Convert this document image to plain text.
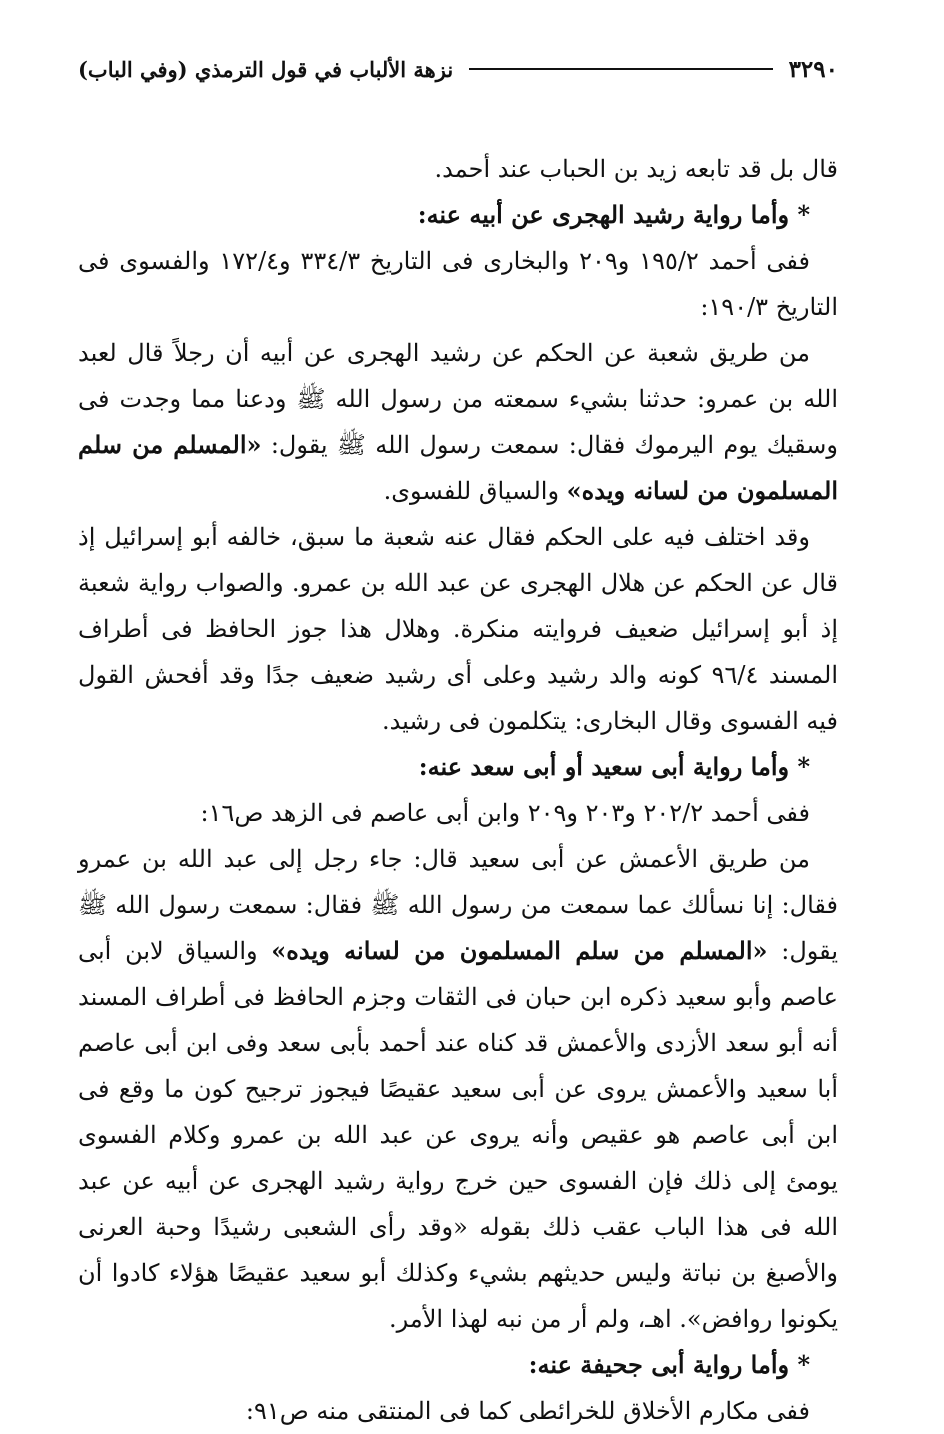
٣٢٩٠
نزهة الألباب في قول الترمذي (وفي الباب)

قال بل قد تابعه زيد بن الحباب عند أحمد.

* وأما رواية رشيد الهجرى عن أبيه عنه:

ففى أحمد ١٩٥/٢ و٢٠٩ والبخارى فى التاريخ ٣٣٤/٣ و١٧٢/٤ والفسوى فى التاريخ ١٩٠/٣:

من طريق شعبة عن الحكم عن رشيد الهجرى عن أبيه أن رجلاً قال لعبد الله بن عمرو: حدثنا بشيء سمعته من رسول الله ﷺ ودعنا مما وجدت فى وسقيك يوم اليرموك فقال: سمعت رسول الله ﷺ يقول: «المسلم من سلم المسلمون من لسانه ويده» والسياق للفسوى.

وقد اختلف فيه على الحكم فقال عنه شعبة ما سبق، خالفه أبو إسرائيل إذ قال عن الحكم عن هلال الهجرى عن عبد الله بن عمرو. والصواب رواية شعبة إذ أبو إسرائيل ضعيف فروايته منكرة. وهلال هذا جوز الحافظ فى أطراف المسند ٩٦/٤ كونه والد رشيد وعلى أى رشيد ضعيف جدًا وقد أفحش القول فيه الفسوى وقال البخارى: يتكلمون فى رشيد.

* وأما رواية أبى سعيد أو أبى سعد عنه:

ففى أحمد ٢٠٢/٢ و٢٠٣ و٢٠٩ وابن أبى عاصم فى الزهد ص١٦:

من طريق الأعمش عن أبى سعيد قال: جاء رجل إلى عبد الله بن عمرو فقال: إنا نسألك عما سمعت من رسول الله ﷺ فقال: سمعت رسول الله ﷺ يقول: «المسلم من سلم المسلمون من لسانه ويده» والسياق لابن أبى عاصم وأبو سعيد ذكره ابن حبان فى الثقات وجزم الحافظ فى أطراف المسند أنه أبو سعد الأزدى والأعمش قد كناه عند أحمد بأبى سعد وفى ابن أبى عاصم أبا سعيد والأعمش يروى عن أبى سعيد عقيصًا فيجوز ترجيح كون ما وقع فى ابن أبى عاصم هو عقيص وأنه يروى عن عبد الله بن عمرو وكلام الفسوى يومئ إلى ذلك فإن الفسوى حين خرج رواية رشيد الهجرى عن أبيه عن عبد الله فى هذا الباب عقب ذلك بقوله «وقد رأى الشعبى رشيدًا وحبة العرنى والأصبغ بن نباتة وليس حديثهم بشيء وكذلك أبو سعيد عقيصًا هؤلاء كادوا أن يكونوا روافض». اهـ، ولم أر من نبه لهذا الأمر.

* وأما رواية أبى جحيفة عنه:

ففى مكارم الأخلاق للخرائطى كما فى المنتقى منه ص٩١:
